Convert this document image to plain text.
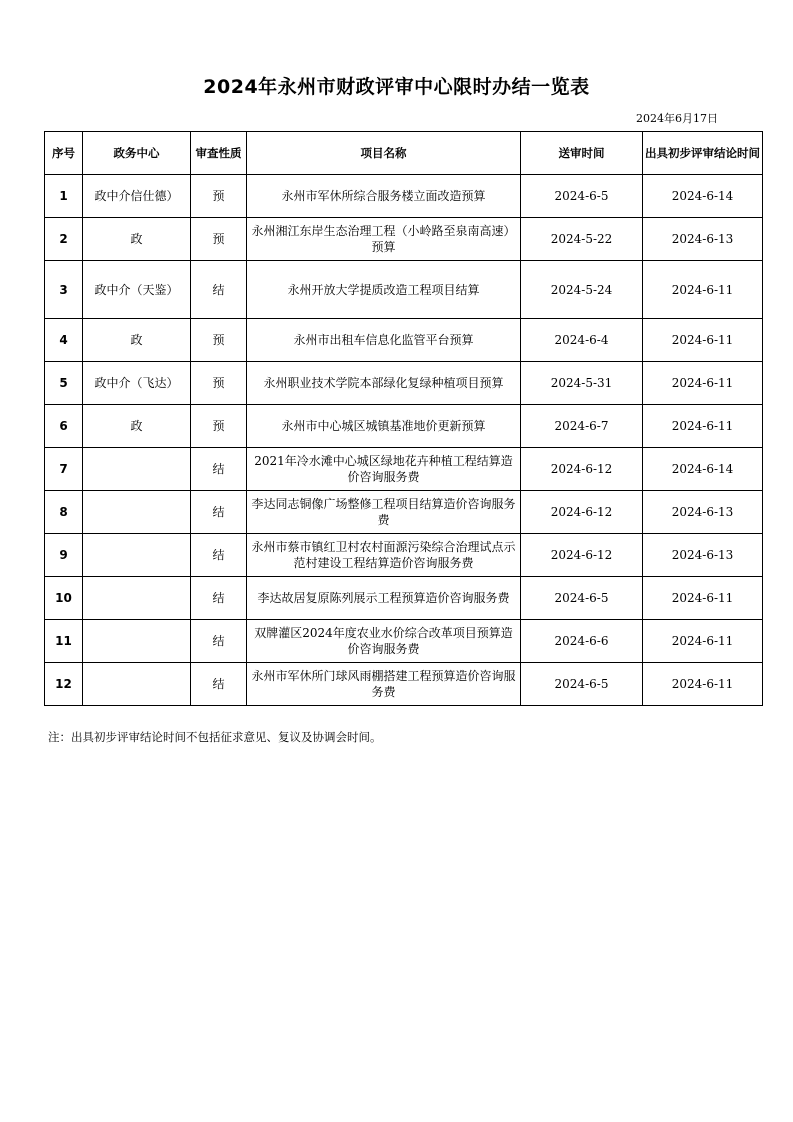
2024年永州市财政评审中心限时办结一览表
2024年6月17日
序号	政务中心	审查性质	项目名称	送审时间	出具初步评审结论时间
1	政中介信仕德）	预	永州市军休所综合服务楼立面改造预算	2024-6-5	2024-6-14
2	政	预	永州湘江东岸生态治理工程（小岭路至泉南高速）预算	2024-5-22	2024-6-13
3	政中介（天鉴）	结	永州开放大学提质改造工程项目结算	2024-5-24	2024-6-11
4	政	预	永州市出租车信息化监管平台预算	2024-6-4	2024-6-11
5	政中介（飞达）	预	永州职业技术学院本部绿化复绿种植项目预算	2024-5-31	2024-6-11
6	政	预	永州市中心城区城镇基准地价更新预算	2024-6-7	2024-6-11
7		结	2021年冷水滩中心城区绿地花卉种植工程结算造价咨询服务费	2024-6-12	2024-6-14
8		结	李达同志铜像广场整修工程项目结算造价咨询服务费	2024-6-12	2024-6-13
9		结	永州市蔡市镇红卫村农村面源污染综合治理试点示范村建设工程结算造价咨询服务费	2024-6-12	2024-6-13
10		结	李达故居复原陈列展示工程预算造价咨询服务费	2024-6-5	2024-6-11
11		结	双牌灌区2024年度农业水价综合改革项目预算造价咨询服务费	2024-6-6	2024-6-11
12		结	永州市军休所门球风雨棚搭建工程预算造价咨询服务费	2024-6-5	2024-6-11
注：出具初步评审结论时间不包括征求意见、复议及协调会时间。
